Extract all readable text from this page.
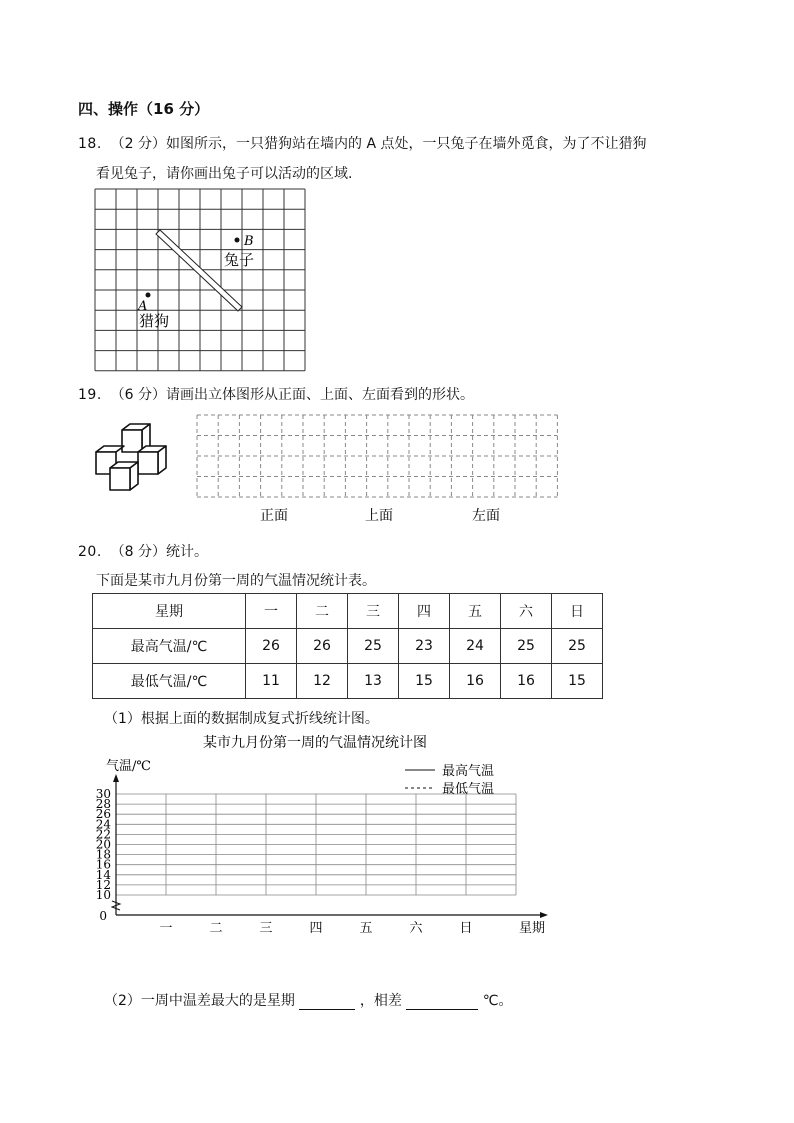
四、操作（16 分）
18. （2 分）如图所示，一只猎狗站在墙内的 A 点处，一只兔子在墙外觅食，为了不让猎狗
看见兔子，请你画出兔子可以活动的区域.
B
兔子
A
猎狗
19. （6 分）请画出立体图形从正面、上面、左面看到的形状。
正面	上面	左面
20. （8 分）统计。
下面是某市九月份第一周的气温情况统计表。
星期	一	二	三	四	五	六	日
最高气温/℃	26	26	25	23	24	25	25
最低气温/℃	11	12	13	15	16	16	15
（1）根据上面的数据制成复式折线统计图。
某市九月份第一周的气温情况统计图
气温/℃	最高气温
最低气温
30
28
26
24
22
20
18
16
14
12
10
0
一	二	三	四	五	六	日	星期
（2）一周中温差最大的是星期	，相差	℃。
